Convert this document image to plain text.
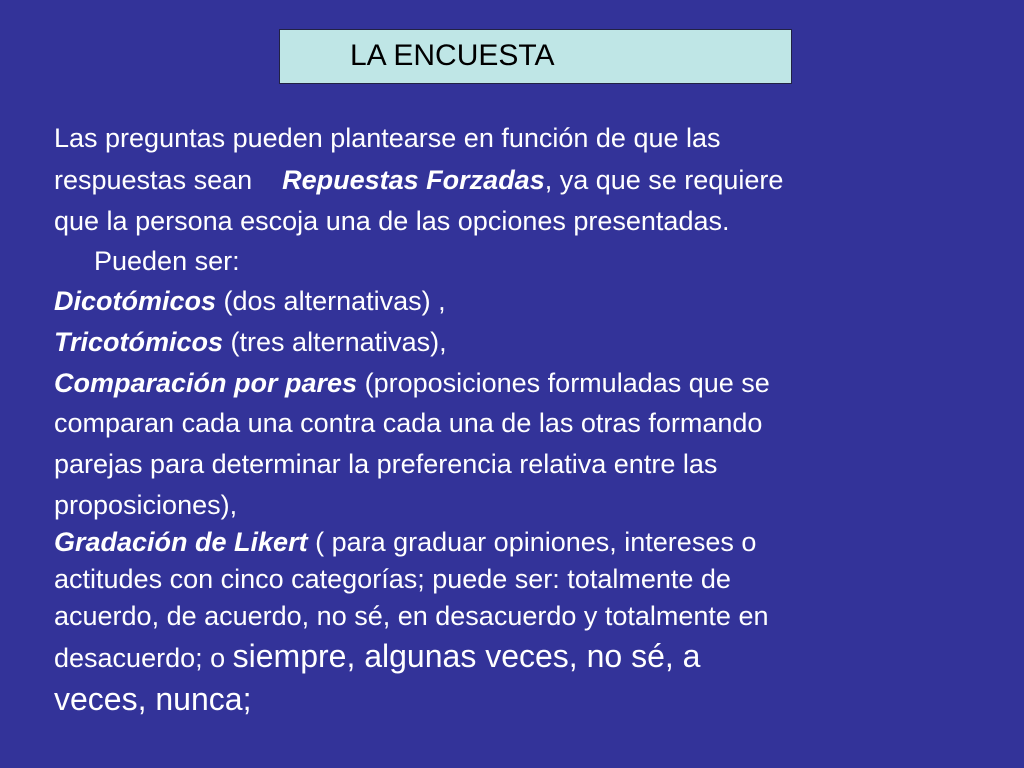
LA ENCUESTA
Las preguntas pueden plantearse en función de que las
respuestas sean Repuestas Forzadas, ya que se requiere
que la persona escoja una de las opciones presentadas.
Pueden ser:
Dicotómicos (dos alternativas) ,
Tricotómicos (tres alternativas),
Comparación por pares (proposiciones formuladas que se
comparan cada una contra cada una de las otras formando
parejas para determinar la preferencia relativa entre las
proposiciones),
Gradación de Likert ( para graduar opiniones, intereses o
actitudes con cinco categorías; puede ser: totalmente de
acuerdo, de acuerdo, no sé, en desacuerdo y totalmente en
desacuerdo; o siempre, algunas veces, no sé, a
veces, nunca;
